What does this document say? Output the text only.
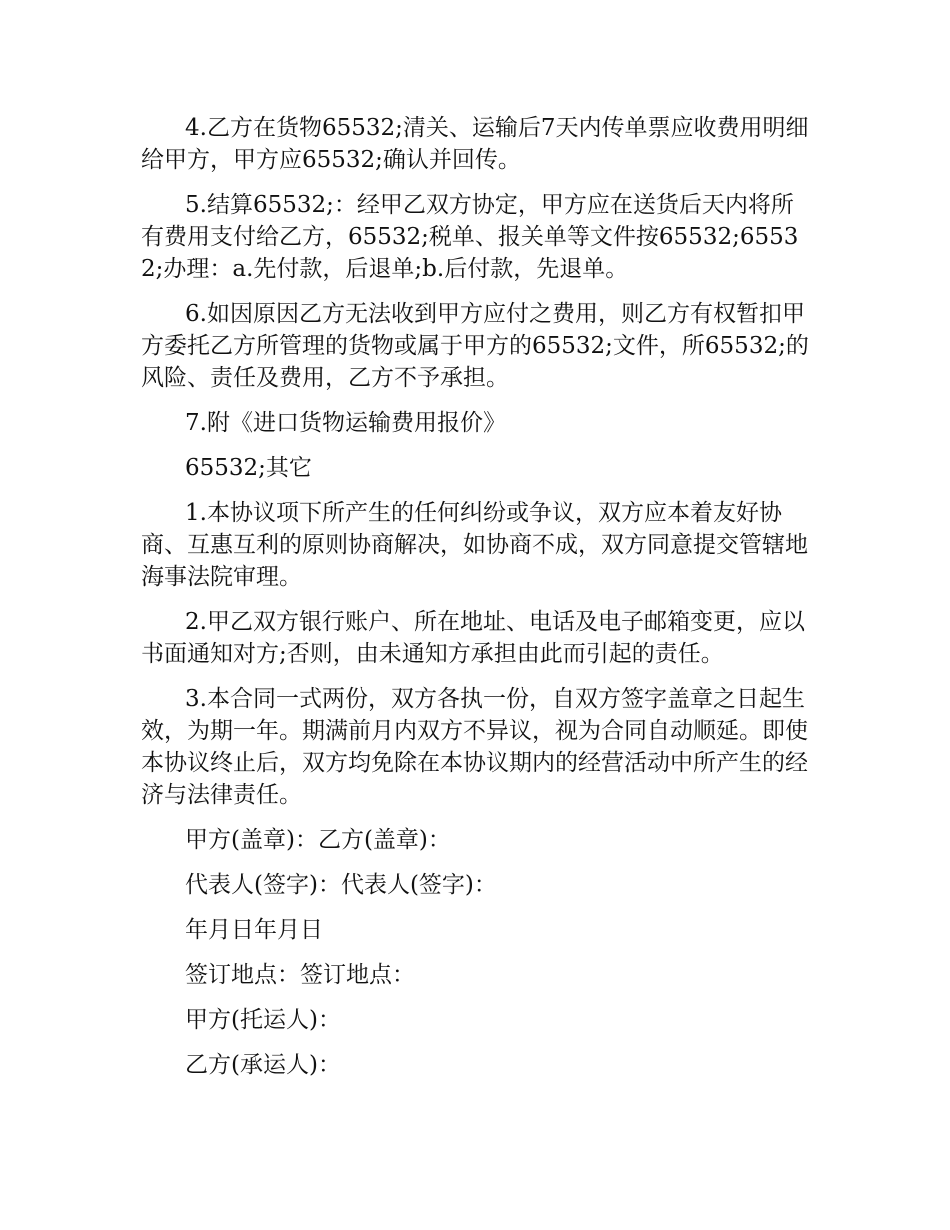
4.乙方在货物65532;清关、运输后7天内传单票应收费用明细给甲方，甲方应65532;确认并回传。

5.结算65532;：经甲乙双方协定，甲方应在送货后天内将所有费用支付给乙方，65532;税单、报关单等文件按65532;65532;办理：a.先付款，后退单;b.后付款，先退单。

6.如因原因乙方无法收到甲方应付之费用，则乙方有权暂扣甲方委托乙方所管理的货物或属于甲方的65532;文件，所65532;的风险、责任及费用，乙方不予承担。

7.附《进口货物运输费用报价》

65532;其它

1.本协议项下所产生的任何纠纷或争议，双方应本着友好协商、互惠互利的原则协商解决，如协商不成，双方同意提交管辖地海事法院审理。

2.甲乙双方银行账户、所在地址、电话及电子邮箱变更，应以书面通知对方;否则，由未通知方承担由此而引起的责任。

3.本合同一式两份，双方各执一份，自双方签字盖章之日起生效，为期一年。期满前月内双方不异议，视为合同自动顺延。即使本协议终止后，双方均免除在本协议期内的经营活动中所产生的经济与法律责任。

甲方(盖章)：乙方(盖章)：

代表人(签字)：代表人(签字)：

年月日年月日

签订地点：签订地点：

甲方(托运人)：

乙方(承运人)：
